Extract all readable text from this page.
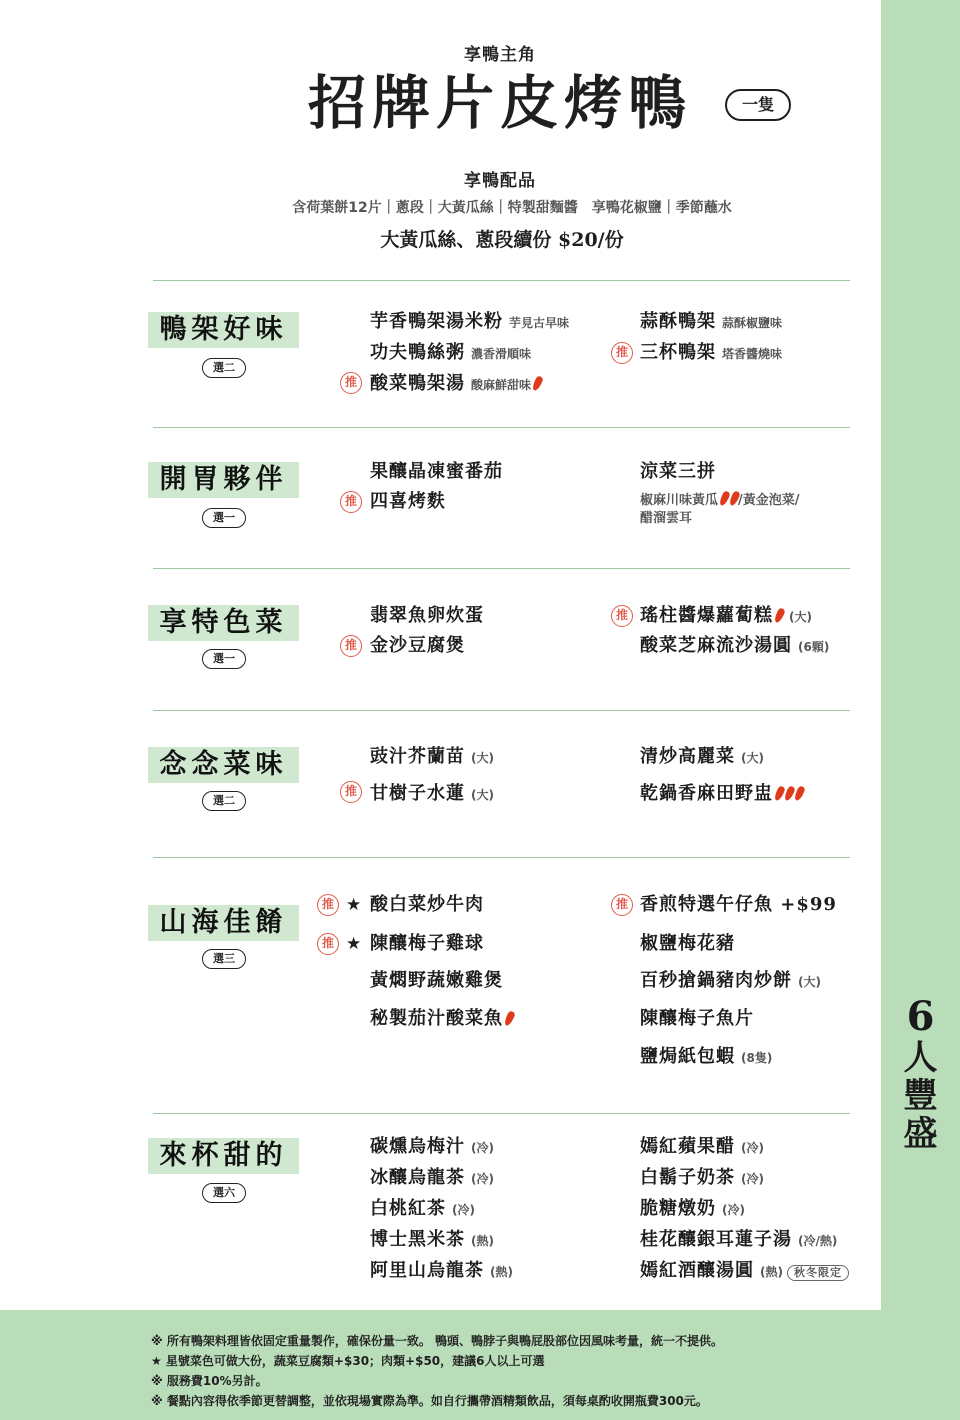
6
人
豐
盛
享鴨主角
招牌片皮烤鴨	一隻
享鴨配品
含荷葉餅12片｜蔥段｜大黃瓜絲｜特製甜麵醬　享鴨花椒鹽｜季節蘸水
大黃瓜絲、蔥段續份 $20/份
鴨架好味
選二
芋香鴨架湯米粉 芋見古早味
功夫鴨絲粥 濃香滑順味
推 酸菜鴨架湯 酸麻鮮甜味
蒜酥鴨架 蒜酥椒鹽味
推 三杯鴨架 塔香醬燒味
開胃夥伴
選一
果釀晶凍蜜番茄
推 四喜烤麩
涼菜三拼
椒麻川味黃瓜 /黃金泡菜/
醋溜雲耳
享特色菜
選一
翡翠魚卵炊蛋
推 金沙豆腐煲
推 瑤柱醬爆蘿蔔糕 (大)
酸菜芝麻流沙湯圓 (6顆)
念念菜味
選二
豉汁芥蘭苗 (大)
推 甘樹子水蓮 (大)
清炒高麗菜 (大)
乾鍋香麻田野盅
山海佳餚
選三
推 ★ 酸白菜炒牛肉
推 ★ 陳釀梅子雞球
黃燜野蔬嫩雞煲
秘製茄汁酸菜魚
推 香煎特選午仔魚 +$99
椒鹽梅花豬
百秒搶鍋豬肉炒餅 (大)
陳釀梅子魚片
鹽焗紙包蝦 (8隻)
來杯甜的
選六
碳燻烏梅汁 (冷)
冰釀烏龍茶 (冷)
白桃紅茶 (冷)
博士黑米茶 (熱)
阿里山烏龍茶 (熱)
嫣紅蘋果醋 (冷)
白鬍子奶茶 (冷)
脆糖燉奶 (冷)
桂花釀銀耳蓮子湯 (冷/熱)
嫣紅酒釀湯圓 (熱) 秋冬限定
※ 所有鴨架料理皆依固定重量製作，確保份量一致。 鴨頭、鴨脖子與鴨屁股部位因風味考量，統一不提供。
★ 星號菜色可做大份，蔬菜豆腐類+$30；肉類+$50，建議6人以上可選
※ 服務費10%另計。
※ 餐點內容得依季節更替調整，並依現場實際為準。如自行攜帶酒精類飲品，須每桌酌收開瓶費300元。
